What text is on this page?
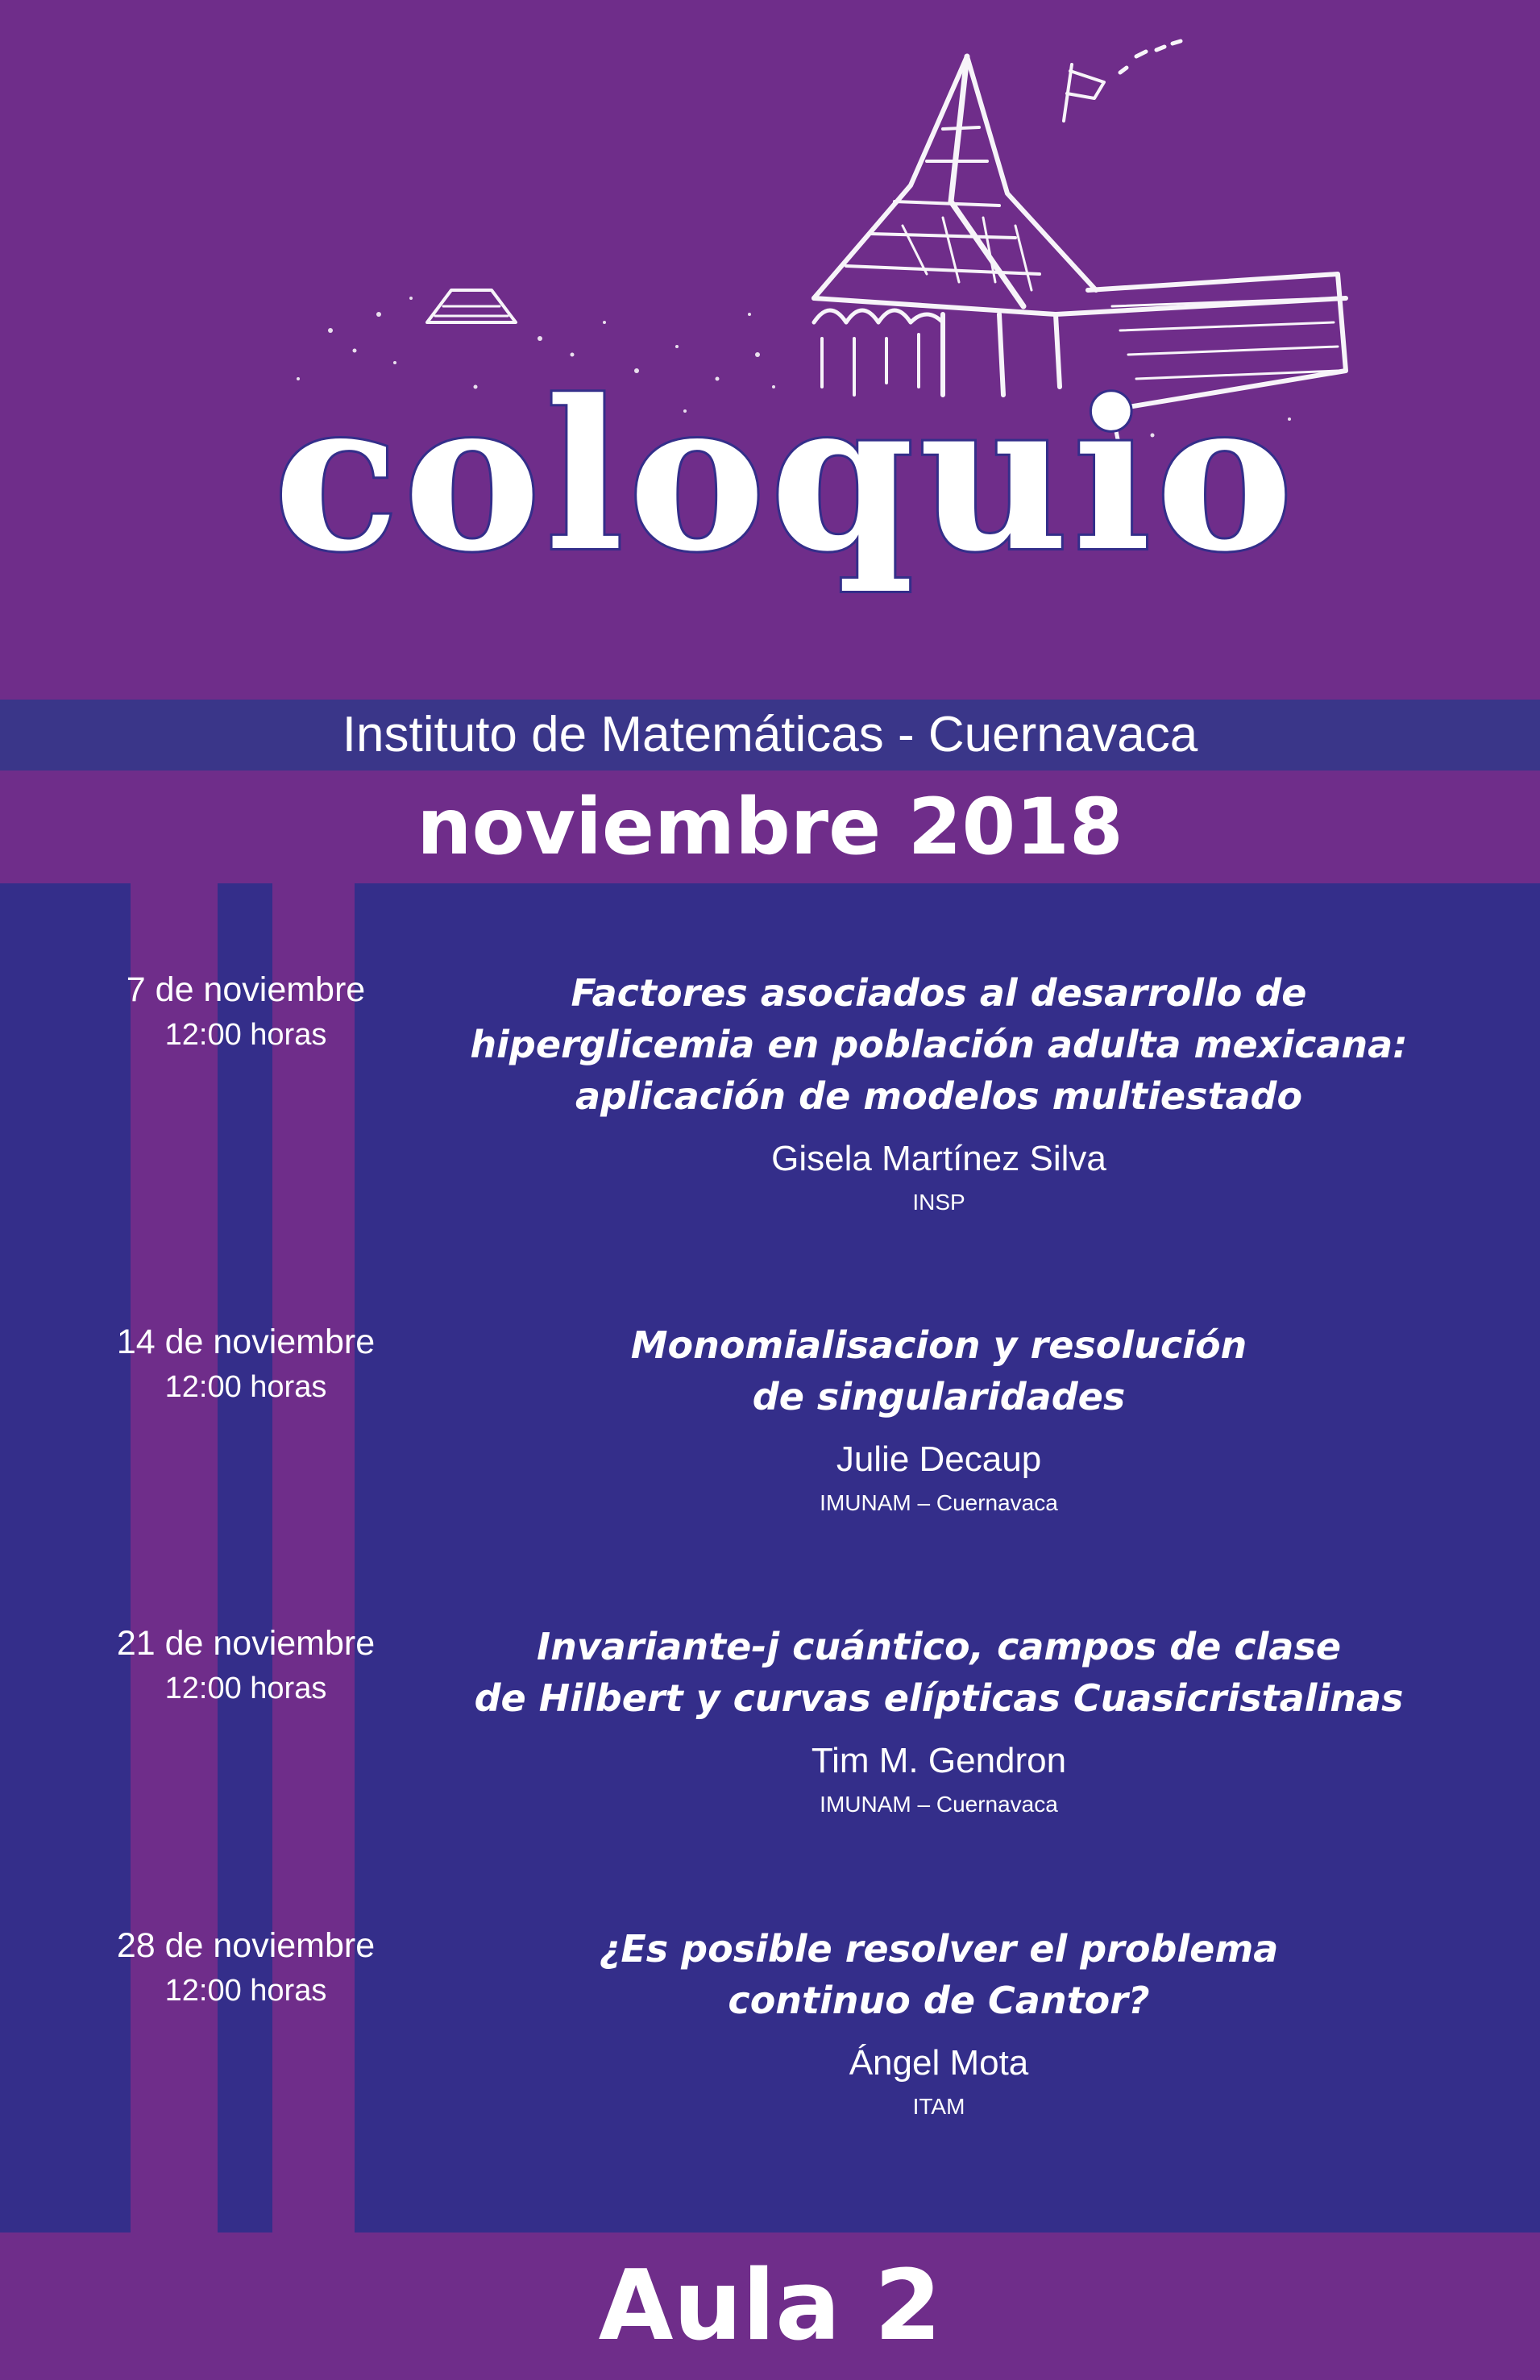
coloquio
Instituto de Matemáticas - Cuernavaca
noviembre 2018
7 de noviembre
12:00 horas

Factores asociados al desarrollo de

hiperglicemia en población adulta mexicana:

aplicación de modelos multiestado

Gisela Martínez Silva
INSP
14 de noviembre
12:00 horas

Monomialisacion y resolución

de singularidades

Julie Decaup
IMUNAM – Cuernavaca
21 de noviembre
12:00 horas

Invariante-j cuántico, campos de clase

de Hilbert y curvas elípticas Cuasicristalinas

Tim M. Gendron
IMUNAM – Cuernavaca
28 de noviembre
12:00 horas

¿Es posible resolver el problema

continuo de Cantor?

Ángel Mota
ITAM
Aula 2
